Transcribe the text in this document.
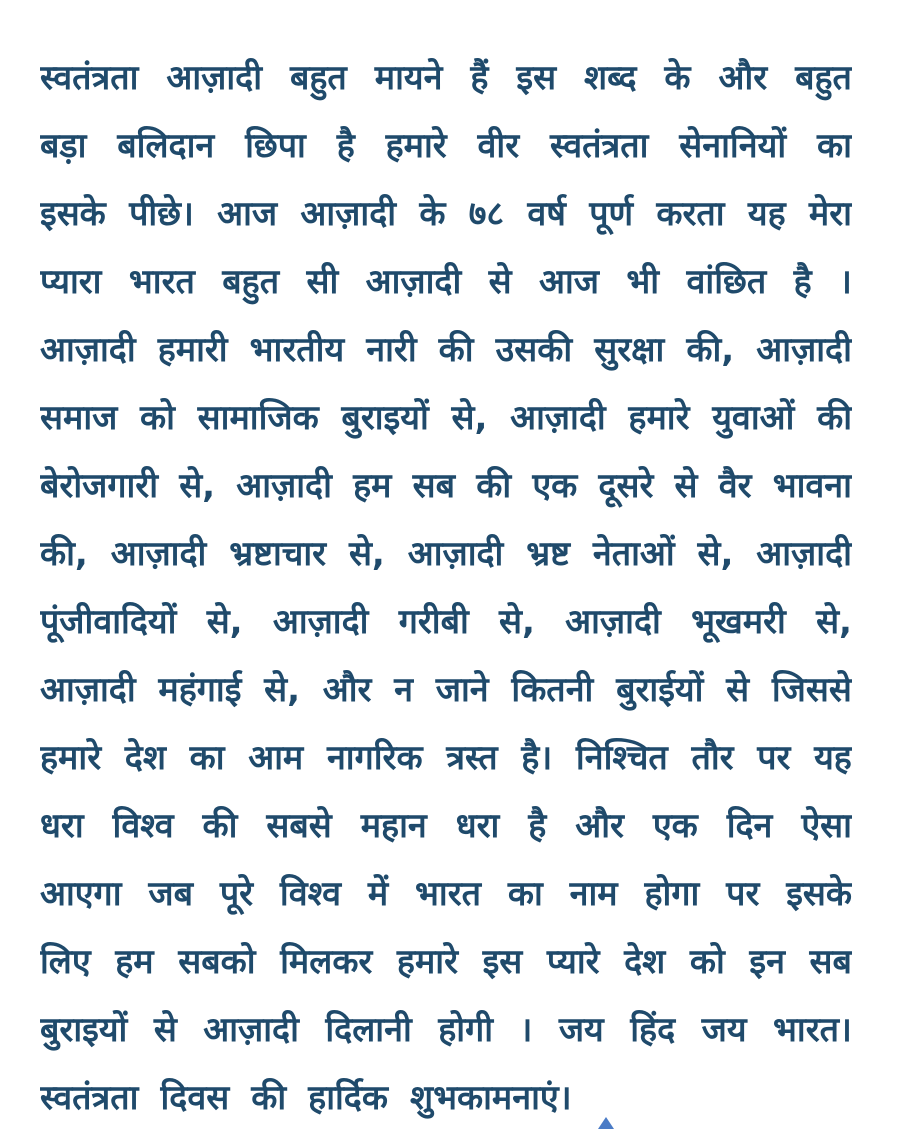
स्वतंत्रता आज़ादी बहुत मायने हैं इस शब्द के और बहुत
बड़ा बलिदान छिपा है हमारे वीर स्वतंत्रता सेनानियों का
इसके पीछे। आज आज़ादी के ७८ वर्ष पूर्ण करता यह मेरा
प्यारा भारत बहुत सी आज़ादी से आज भी वांछित है ।
आज़ादी हमारी भारतीय नारी की उसकी सुरक्षा की, आज़ादी
समाज को सामाजिक बुराइयों से, आज़ादी हमारे युवाओं की
बेरोजगारी से, आज़ादी हम सब की एक दूसरे से वैर भावना
की, आज़ादी भ्रष्टाचार से, आज़ादी भ्रष्ट नेताओं से, आज़ादी
पूंजीवादियों से, आज़ादी गरीबी से, आज़ादी भूखमरी से,
आज़ादी महंगाई से, और न जाने कितनी बुराईयों से जिससे
हमारे देश का आम नागरिक त्रस्त है। निश्चित तौर पर यह
धरा विश्व की सबसे महान धरा है और एक दिन ऐसा
आएगा जब पूरे विश्व में भारत का नाम होगा पर इसके
लिए हम सबको मिलकर हमारे इस प्यारे देश को इन सब
बुराइयों से आज़ादी दिलानी होगी । जय हिंद जय भारत।
स्वतंत्रता दिवस की हार्दिक शुभकामनाएं।
